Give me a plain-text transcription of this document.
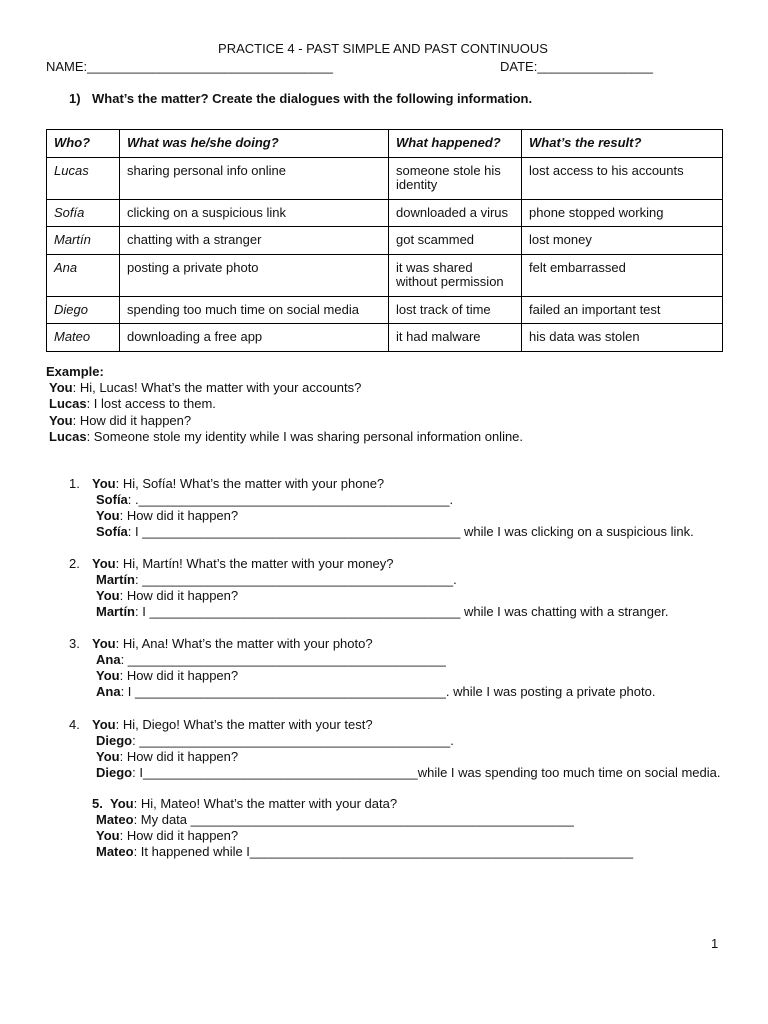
PRACTICE 4 - PAST SIMPLE AND PAST CONTINUOUS
NAME:__________________________________	DATE:________________
1) What’s the matter? Create the dialogues with the following information.
Who?	What was he/she doing?	What happened?	What’s the result?
Lucas	sharing personal info online	someone stole his identity	lost access to his accounts
Sofía	clicking on a suspicious link	downloaded a virus	phone stopped working
Martín	chatting with a stranger	got scammed	lost money
Ana	posting a private photo	it was shared without permission	felt embarrassed
Diego	spending too much time on social media	lost track of time	failed an important test
Mateo	downloading a free app	it had malware	his data was stolen
Example:
You: Hi, Lucas! What’s the matter with your accounts?
Lucas: I lost access to them.
You: How did it happen?
Lucas: Someone stole my identity while I was sharing personal information online.
1. You: Hi, Sofía! What’s the matter with your phone?
Sofía: .___________________________________________.
You: How did it happen?
Sofía: I ____________________________________________ while I was clicking on a suspicious link.
2. You: Hi, Martín! What’s the matter with your money?
Martín: ___________________________________________.
You: How did it happen?
Martín: I ___________________________________________ while I was chatting with a stranger.
3. You: Hi, Ana! What’s the matter with your photo?
Ana: ____________________________________________
You: How did it happen?
Ana: I ___________________________________________. while I was posting a private photo.
4. You: Hi, Diego! What’s the matter with your test?
Diego: ___________________________________________.
You: How did it happen?
Diego: I______________________________________while I was spending too much time on social media.
5. You: Hi, Mateo! What’s the matter with your data?
Mateo: My data _____________________________________________________
You: How did it happen?
Mateo: It happened while I_____________________________________________________
1
